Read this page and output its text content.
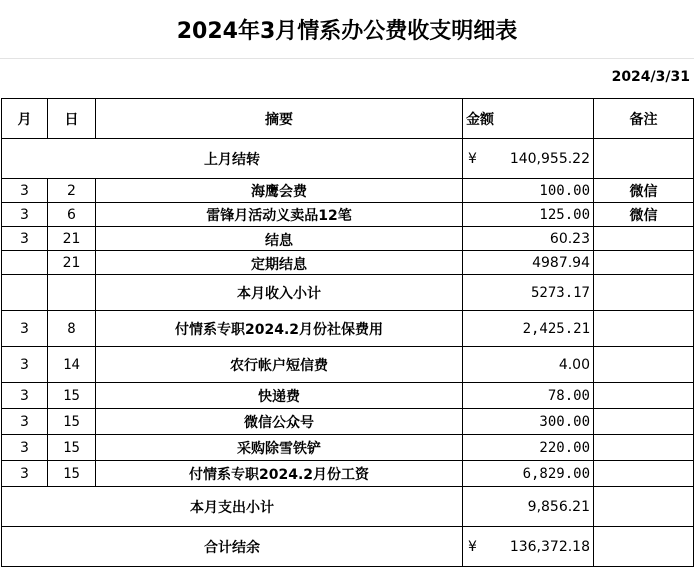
2024年3月情系办公费收支明细表
2024/3/31
月	日	摘要	金额	备注
上月结转			¥ 140,955.22	
3	2	海鹰会费	100.00	微信
3	6	雷锋月活动义卖品12笔	125.00	微信
3	21	结息	60.23	
	21	定期结息	4987.94	
		本月收入小计	5273.17	
3	8	付情系专职2024.2月份社保费用	2,425.21	
3	14	农行帐户短信费	4.00	
3	15	快递费	78.00	
3	15	微信公众号	300.00	
3	15	采购除雪铁铲	220.00	
3	15	付情系专职2024.2月份工资	6,829.00	
本月支出小计			9,856.21	
合计结余			¥ 136,372.18	
